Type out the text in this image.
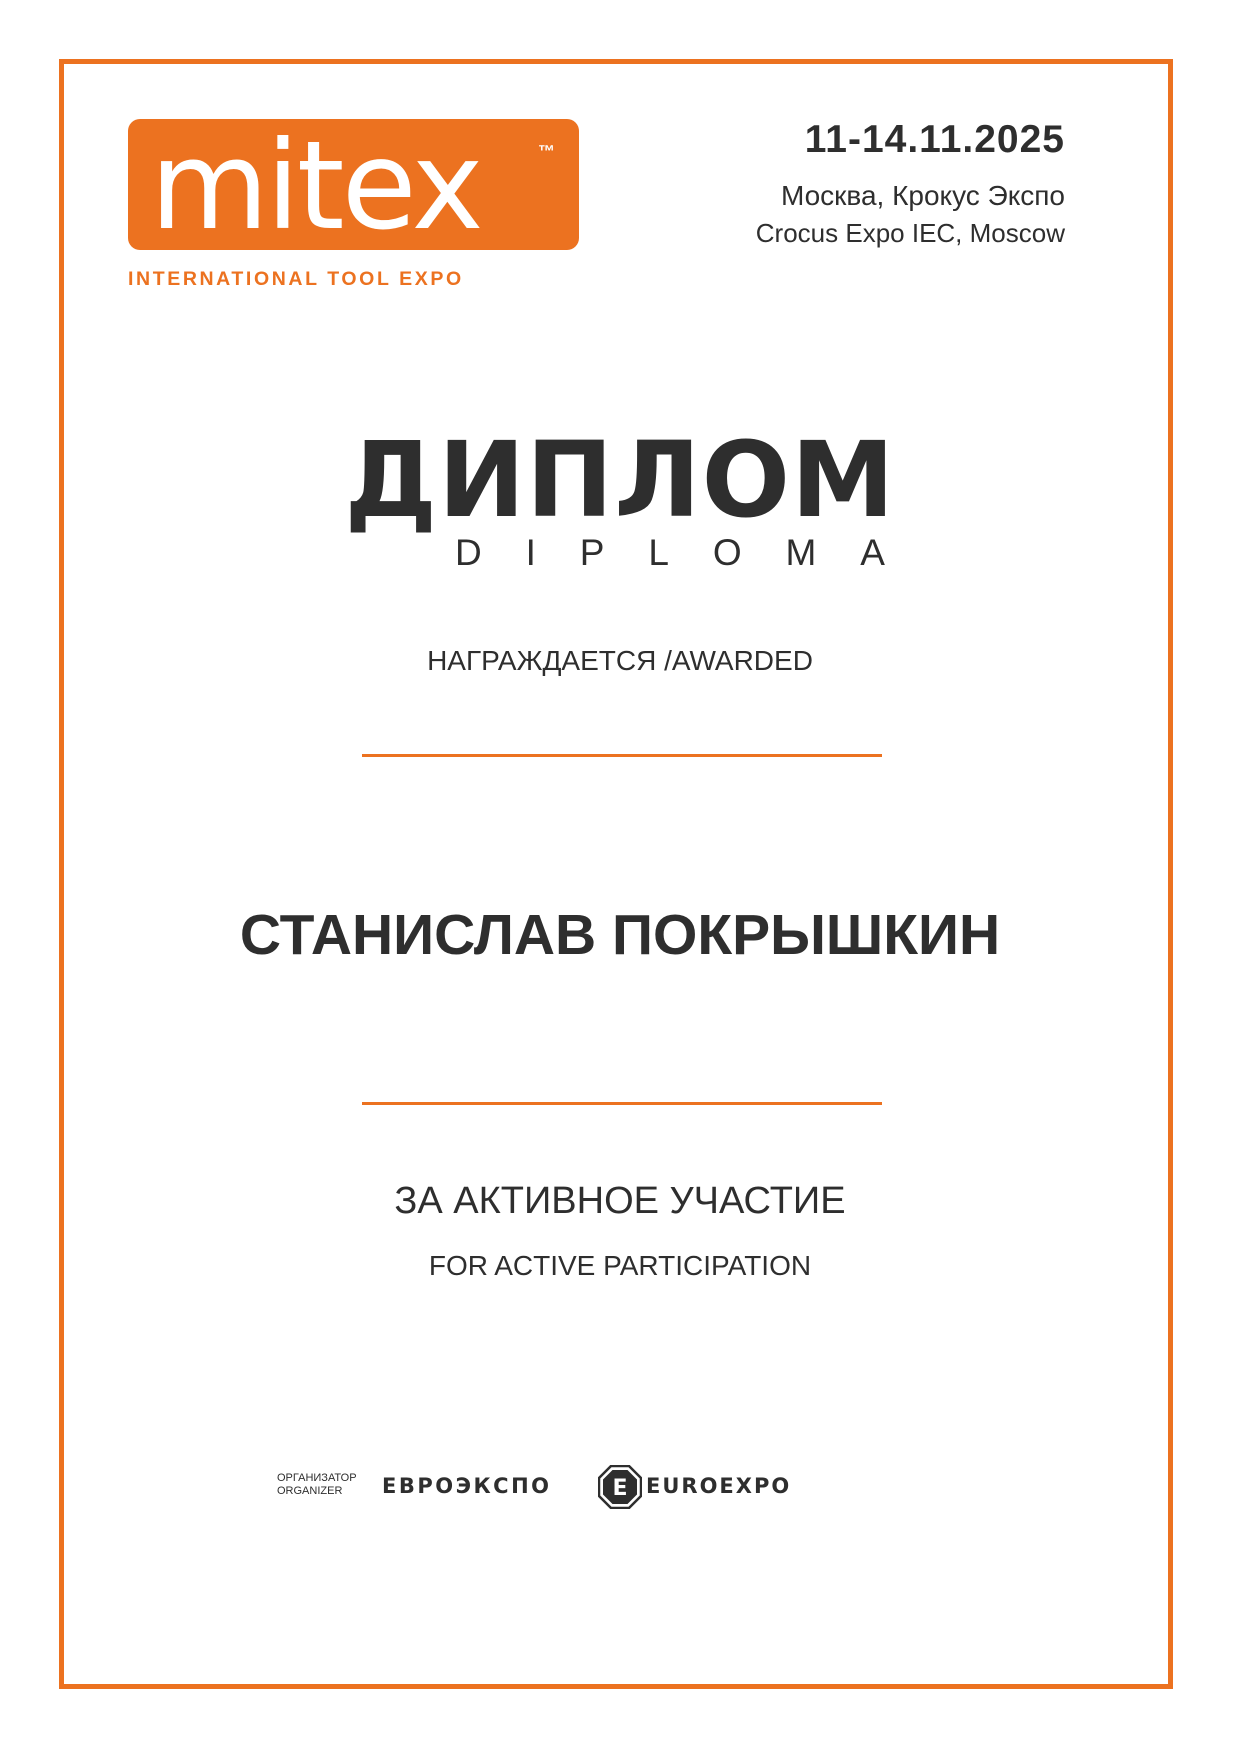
mitex	™
INTERNATIONAL TOOL EXPO
11-14.11.2025
Москва, Крокус Экспо
Crocus Expo IEC, Moscow
ДИПЛОМ
D I P L O M A
НАГРАЖДАЕТСЯ /AWARDED
СТАНИСЛАВ ПОКРЫШКИН
ЗА АКТИВНОЕ УЧАСТИЕ
FOR ACTIVE PARTICIPATION
ОРГАНИЗАТОР
ORGANIZER	ЕВРОЭКСПО	E EUROEXPO
